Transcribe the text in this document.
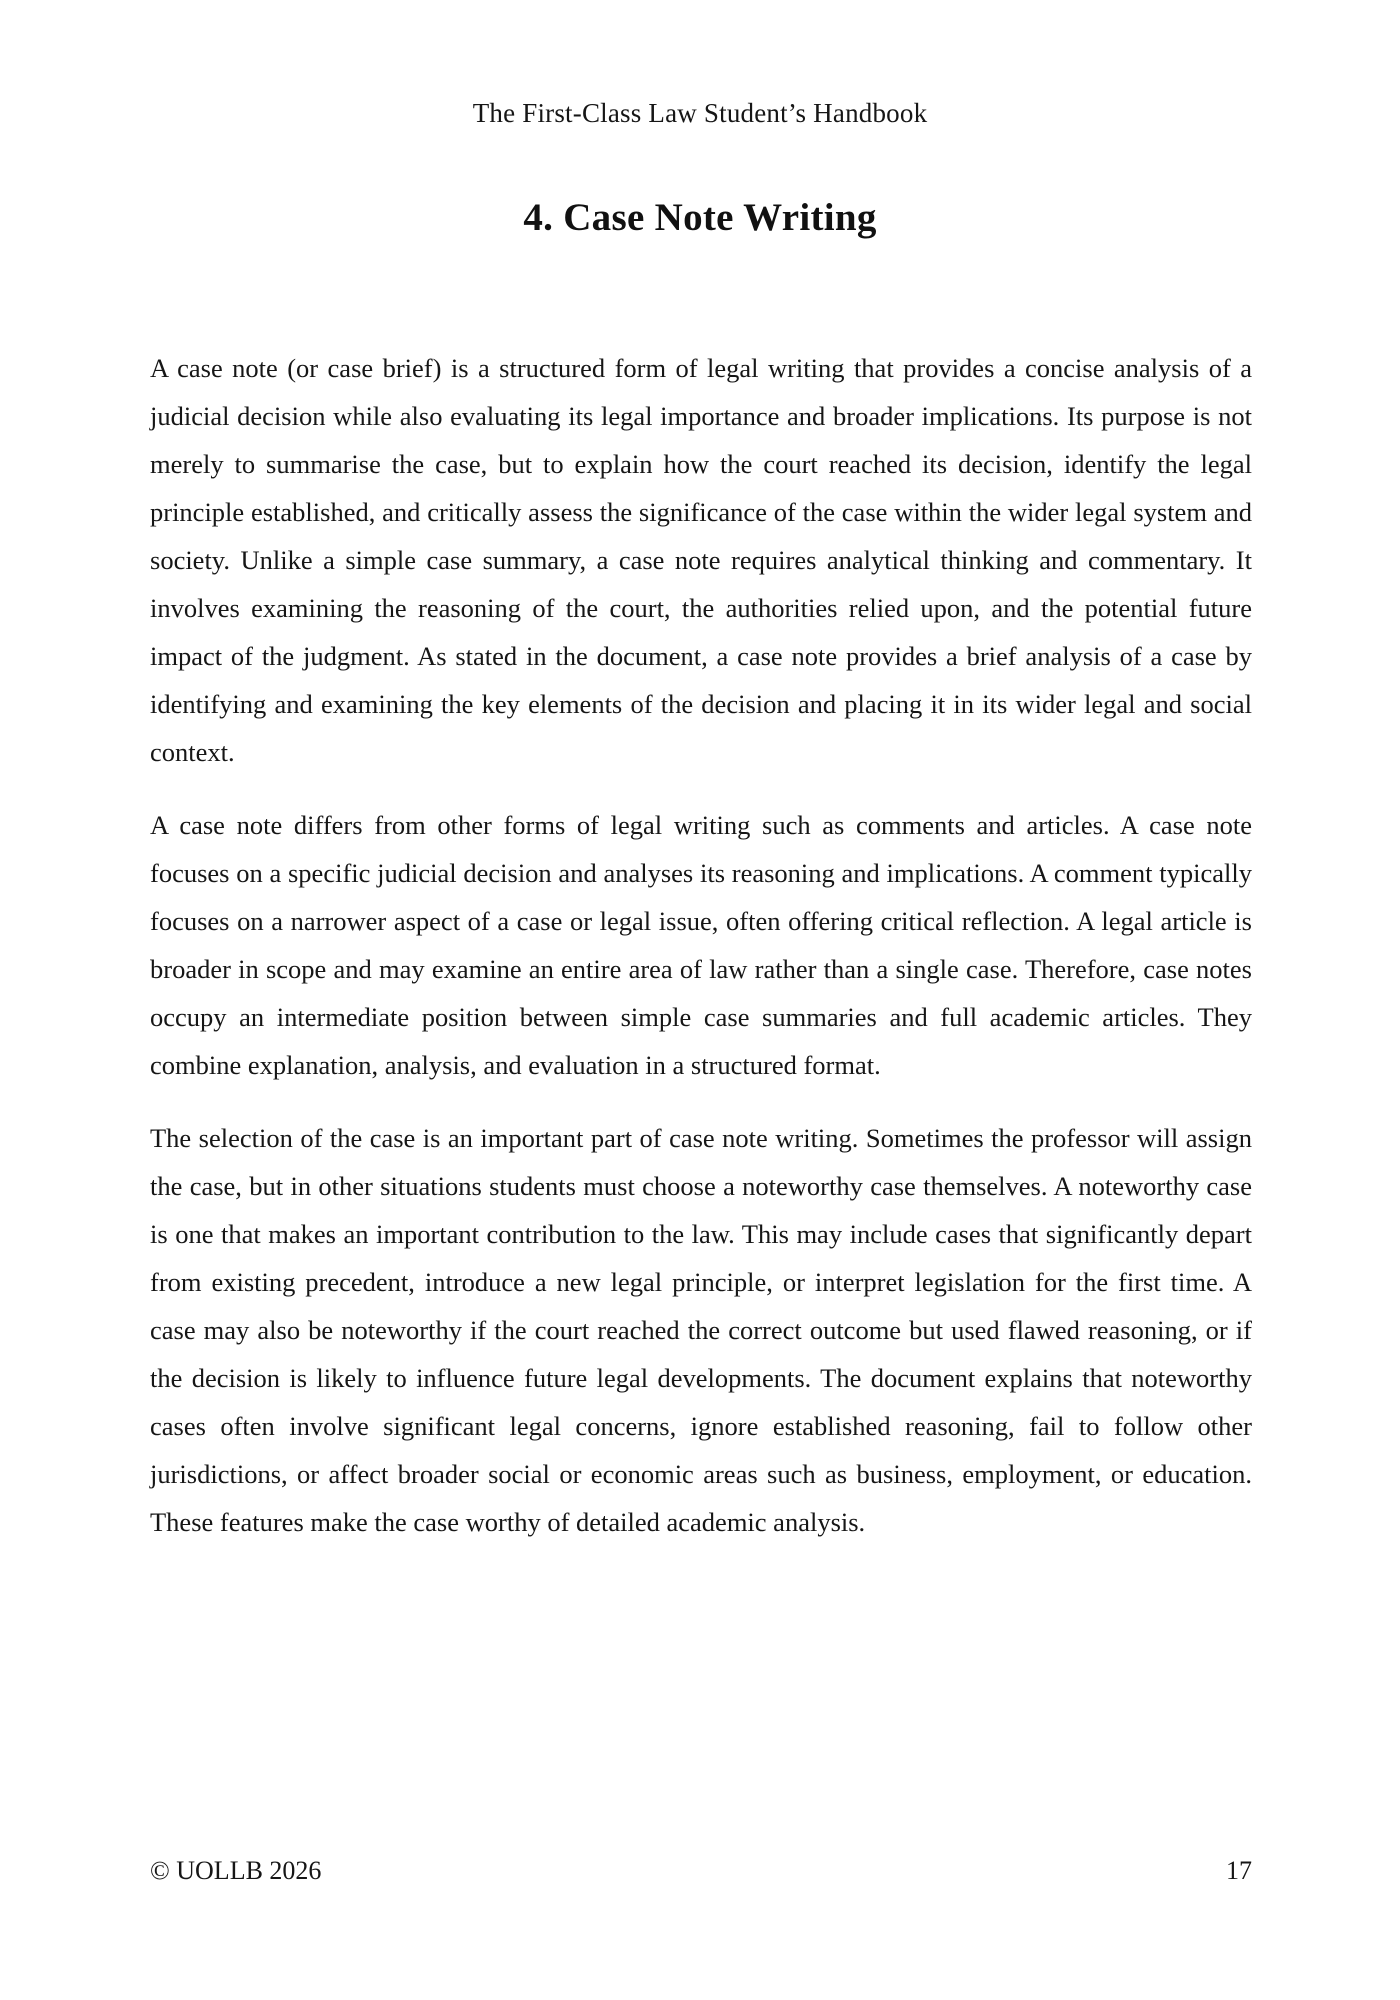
The First-Class Law Student’s Handbook
4. Case Note Writing

A case note (or case brief) is a structured form of legal writing that provides a concise analysis of a judicial decision while also evaluating its legal importance and broader implications. Its purpose is not merely to summarise the case, but to explain how the court reached its decision, identify the legal principle established, and critically assess the significance of the case within the wider legal system and society. Unlike a simple case summary, a case note requires analytical thinking and commentary. It involves examining the reasoning of the court, the authorities relied upon, and the potential future impact of the judgment. As stated in the document, a case note provides a brief analysis of a case by identifying and examining the key elements of the decision and placing it in its wider legal and social context.

A case note differs from other forms of legal writing such as comments and articles. A case note focuses on a specific judicial decision and analyses its reasoning and implications. A comment typically focuses on a narrower aspect of a case or legal issue, often offering critical reflection. A legal article is broader in scope and may examine an entire area of law rather than a single case. Therefore, case notes occupy an intermediate position between simple case summaries and full academic articles. They combine explanation, analysis, and evaluation in a structured format.

The selection of the case is an important part of case note writing. Sometimes the professor will assign the case, but in other situations students must choose a noteworthy case themselves. A noteworthy case is one that makes an important contribution to the law. This may include cases that significantly depart from existing precedent, introduce a new legal principle, or interpret legislation for the first time. A case may also be noteworthy if the court reached the correct outcome but used flawed reasoning, or if the decision is likely to influence future legal developments. The document explains that noteworthy cases often involve significant legal concerns, ignore established reasoning, fail to follow other jurisdictions, or affect broader social or economic areas such as business, employment, or education. These features make the case worthy of detailed academic analysis.

© UOLLB 2026	17
